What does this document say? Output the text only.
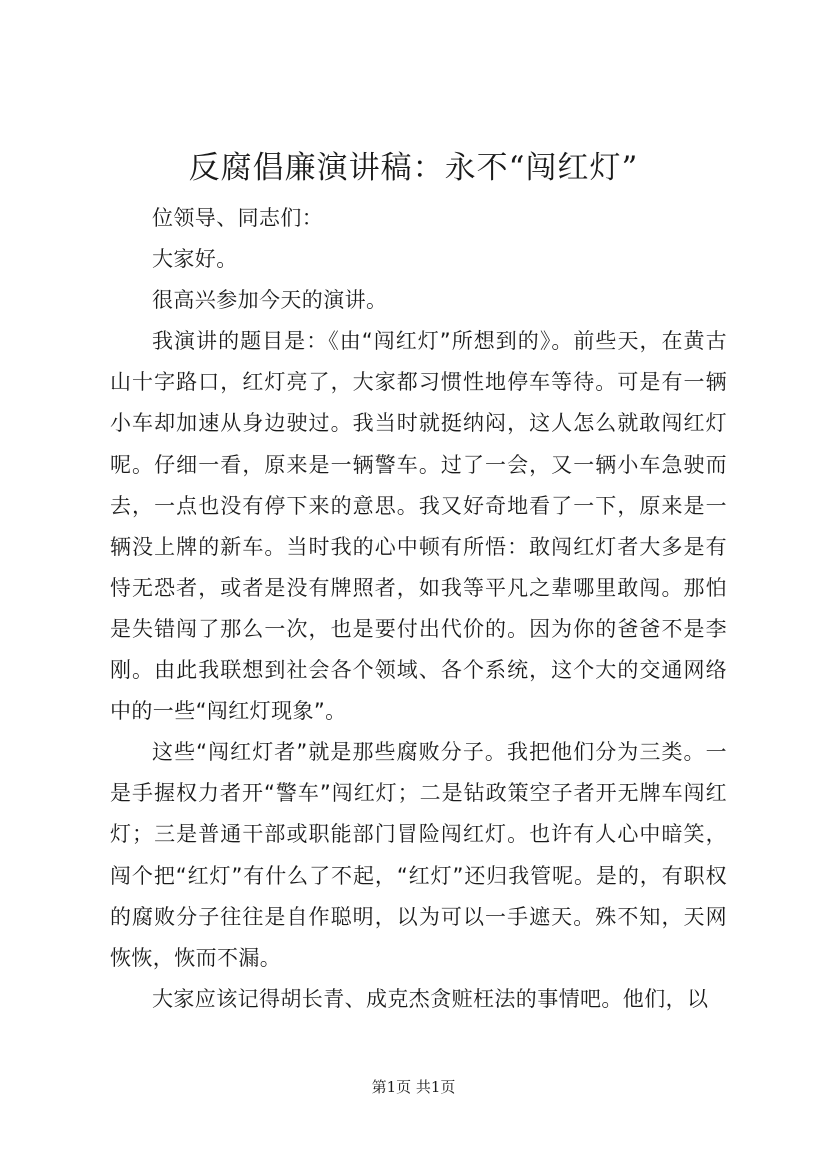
反腐倡廉演讲稿：永不“闯红灯”

位领导、同志们：

大家好。

很高兴参加今天的演讲。

我演讲的题目是：《由“闯红灯”所想到的》。前些天，在黄古山十字路口，红灯亮了，大家都习惯性地停车等待。可是有一辆小车却加速从身边驶过。我当时就挺纳闷，这人怎么就敢闯红灯呢。仔细一看，原来是一辆警车。过了一会，又一辆小车急驶而去，一点也没有停下来的意思。我又好奇地看了一下，原来是一辆没上牌的新车。当时我的心中顿有所悟：敢闯红灯者大多是有恃无恐者，或者是没有牌照者，如我等平凡之辈哪里敢闯。那怕是失错闯了那么一次，也是要付出代价的。因为你的爸爸不是李刚。由此我联想到社会各个领域、各个系统，这个大的交通网络中的一些“闯红灯现象”。

这些“闯红灯者”就是那些腐败分子。我把他们分为三类。一是手握权力者开“警车”闯红灯；二是钻政策空子者开无牌车闯红灯；三是普通干部或职能部门冒险闯红灯。也许有人心中暗笑，闯个把“红灯”有什么了不起，“红灯”还归我管呢。是的，有职权的腐败分子往往是自作聪明，以为可以一手遮天。殊不知，天网恢恢，恢而不漏。

大家应该记得胡长青、成克杰贪赃枉法的事情吧。他们，以

第1页 共1页
